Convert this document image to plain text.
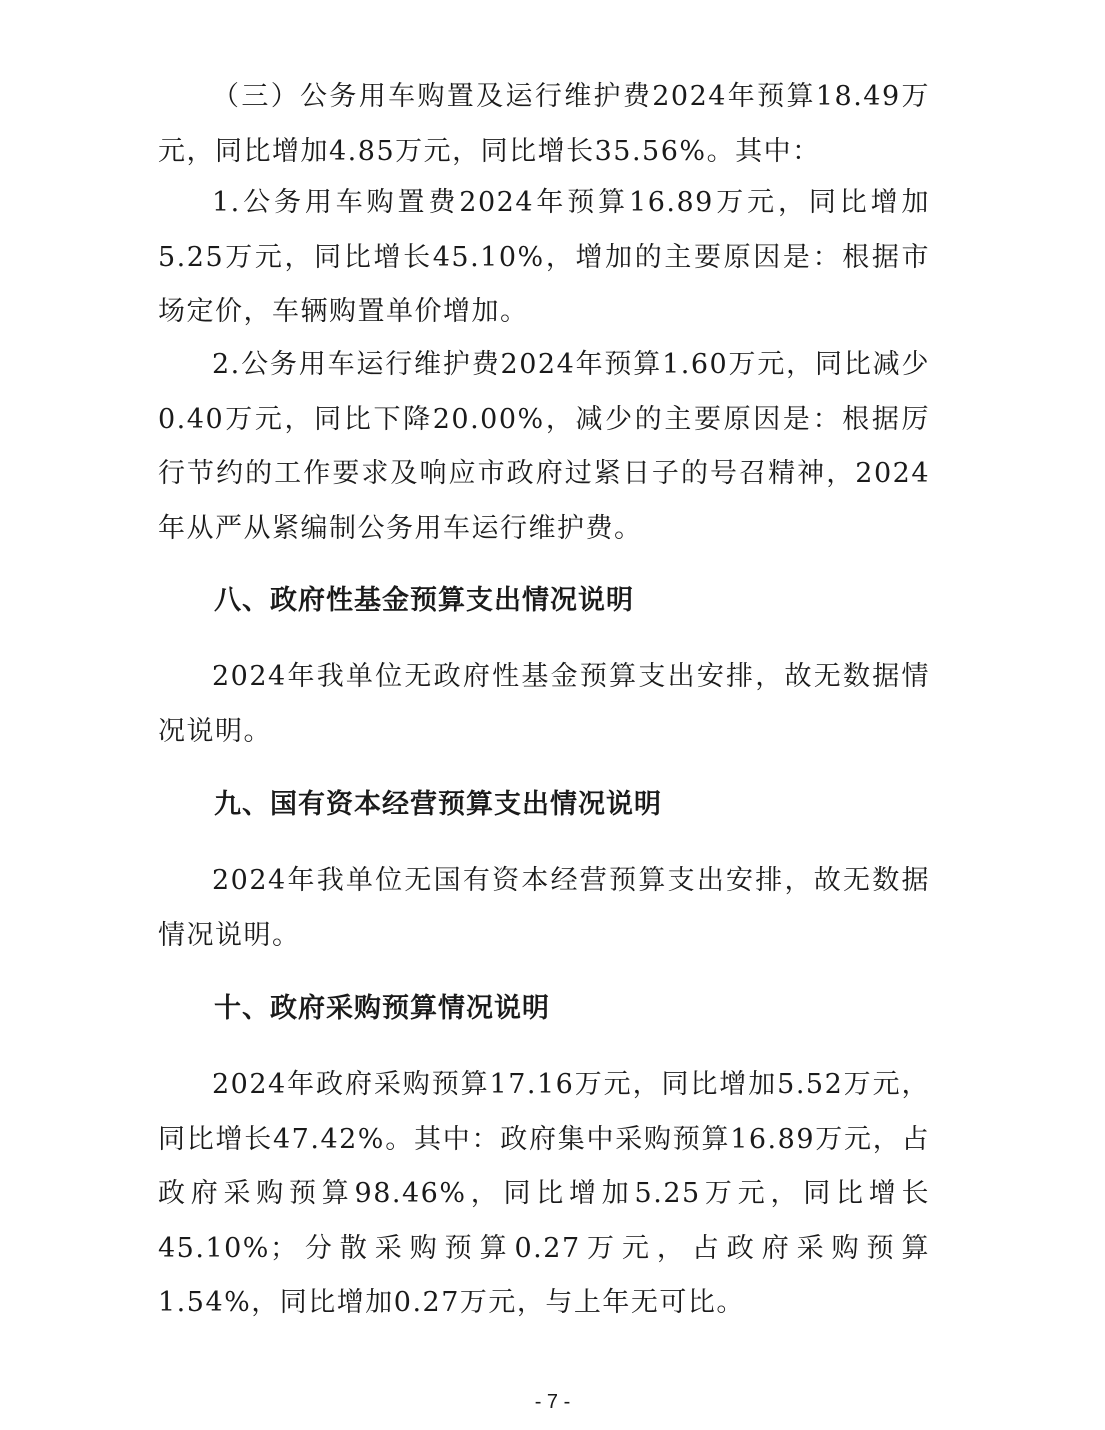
（三）公务用车购置及运行维护费2024年预算18.49万元，同比增加4.85万元，同比增长35.56%。其中：

1.公务用车购置费2024年预算16.89万元，同比增加5.25万元，同比增长45.10%，增加的主要原因是：根据市场定价，车辆购置单价增加。

2.公务用车运行维护费2024年预算1.60万元，同比减少0.40万元，同比下降20.00%，减少的主要原因是：根据厉行节约的工作要求及响应市政府过紧日子的号召精神，2024年从严从紧编制公务用车运行维护费。

八、政府性基金预算支出情况说明

2024年我单位无政府性基金预算支出安排，故无数据情况说明。

九、国有资本经营预算支出情况说明

2024年我单位无国有资本经营预算支出安排，故无数据情况说明。

十、政府采购预算情况说明

2024年政府采购预算17.16万元，同比增加5.52万元，同比增长47.42%。其中：政府集中采购预算16.89万元，占政府采购预算98.46%，同比增加5.25万元，同比增长45.10%；分散采购预算0.27万元，占政府采购预算1.54%，同比增加0.27万元，与上年无可比。

- 7 -
